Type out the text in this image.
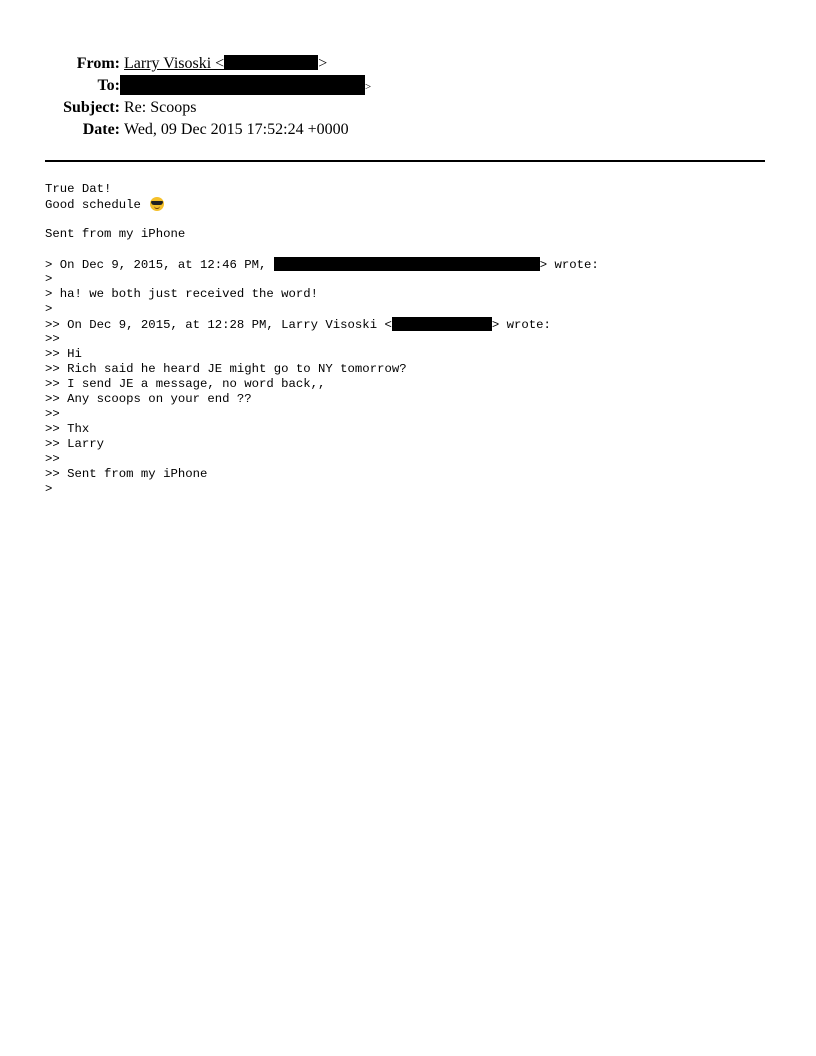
From: Larry Visoski <	>
To:	>
Subject: Re: Scoops
Date: Wed, 09 Dec 2015 17:52:24 +0000
True Dat!
Good schedule
Sent from my iPhone
> On Dec 9, 2015, at 12:46 PM,	> wrote:
>
> ha! we both just received the word!
>
>> On Dec 9, 2015, at 12:28 PM, Larry Visoski <	> wrote:
>>
>> Hi
>> Rich said he heard JE might go to NY tomorrow?
>> I send JE a message, no word back,,
>> Any scoops on your end ??
>>
>> Thx
>> Larry
>>
>> Sent from my iPhone
>
